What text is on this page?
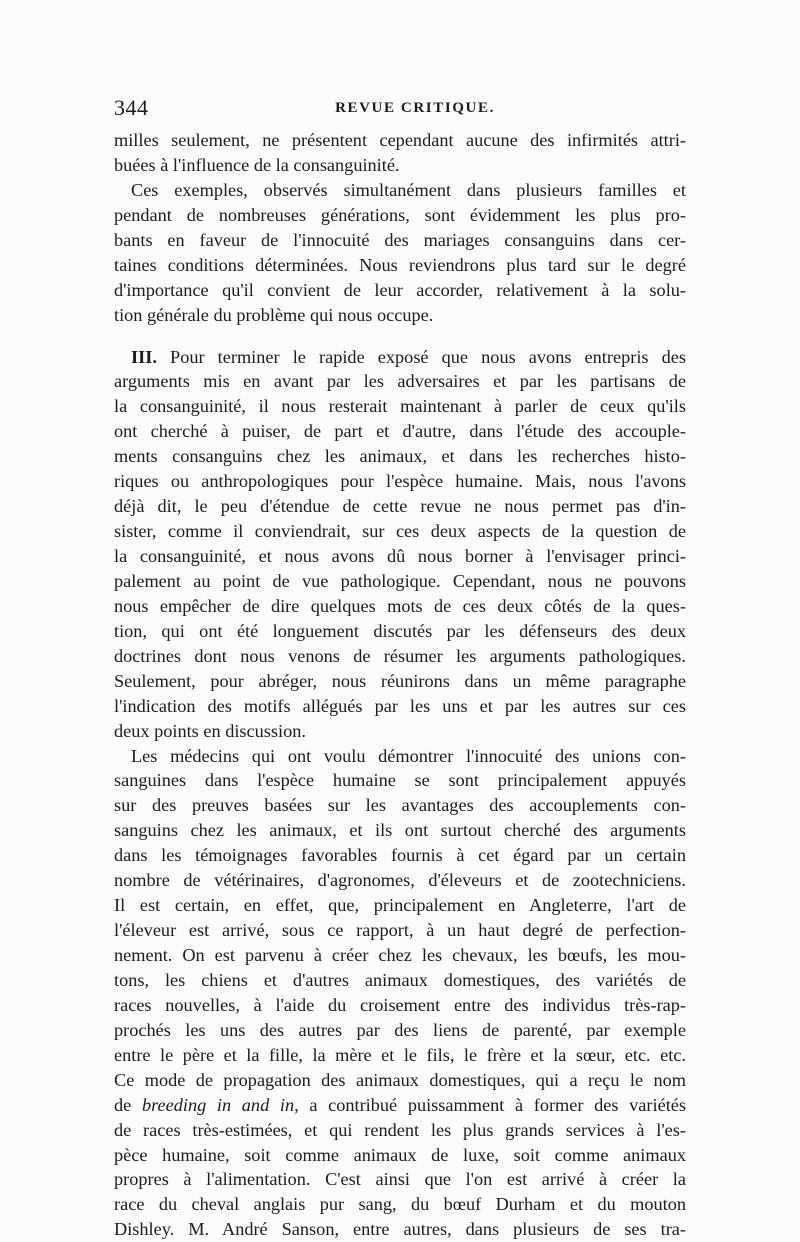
344	REVUE CRITIQUE.
milles seulement, ne présentent cependant aucune des infirmités attri-
buées à l'influence de la consanguinité.
Ces exemples, observés simultanément dans plusieurs familles et
pendant de nombreuses générations, sont évidemment les plus pro-
bants en faveur de l'innocuité des mariages consanguins dans cer-
taines conditions déterminées. Nous reviendrons plus tard sur le degré
d'importance qu'il convient de leur accorder, relativement à la solu-
tion générale du problème qui nous occupe.
III. Pour terminer le rapide exposé que nous avons entrepris des
arguments mis en avant par les adversaires et par les partisans de
la consanguinité, il nous resterait maintenant à parler de ceux qu'ils
ont cherché à puiser, de part et d'autre, dans l'étude des accouple-
ments consanguins chez les animaux, et dans les recherches histo-
riques ou anthropologiques pour l'espèce humaine. Mais, nous l'avons
déjà dit, le peu d'étendue de cette revue ne nous permet pas d'in-
sister, comme il conviendrait, sur ces deux aspects de la question de
la consanguinité, et nous avons dû nous borner à l'envisager princi-
palement au point de vue pathologique. Cependant, nous ne pouvons
nous empêcher de dire quelques mots de ces deux côtés de la ques-
tion, qui ont été longuement discutés par les défenseurs des deux
doctrines dont nous venons de résumer les arguments pathologiques.
Seulement, pour abréger, nous réunirons dans un même paragraphe
l'indication des motifs allégués par les uns et par les autres sur ces
deux points en discussion.
Les médecins qui ont voulu démontrer l'innocuité des unions con-
sanguines dans l'espèce humaine se sont principalement appuyés
sur des preuves basées sur les avantages des accouplements con-
sanguins chez les animaux, et ils ont surtout cherché des arguments
dans les témoignages favorables fournis à cet égard par un certain
nombre de vétérinaires, d'agronomes, d'éleveurs et de zootechniciens.
Il est certain, en effet, que, principalement en Angleterre, l'art de
l'éleveur est arrivé, sous ce rapport, à un haut degré de perfection-
nement. On est parvenu à créer chez les chevaux, les bœufs, les mou-
tons, les chiens et d'autres animaux domestiques, des variétés de
races nouvelles, à l'aide du croisement entre des individus très-rap-
prochés les uns des autres par des liens de parenté, par exemple
entre le père et la fille, la mère et le fils, le frère et la sœur, etc. etc.
Ce mode de propagation des animaux domestiques, qui a reçu le nom
de breeding in and in, a contribué puissamment à former des variétés
de races très-estimées, et qui rendent les plus grands services à l'es-
pèce humaine, soit comme animaux de luxe, soit comme animaux
propres à l'alimentation. C'est ainsi que l'on est arrivé à créer la
race du cheval anglais pur sang, du bœuf Durham et du mouton
Dishley. M. André Sanson, entre autres, dans plusieurs de ses tra-
